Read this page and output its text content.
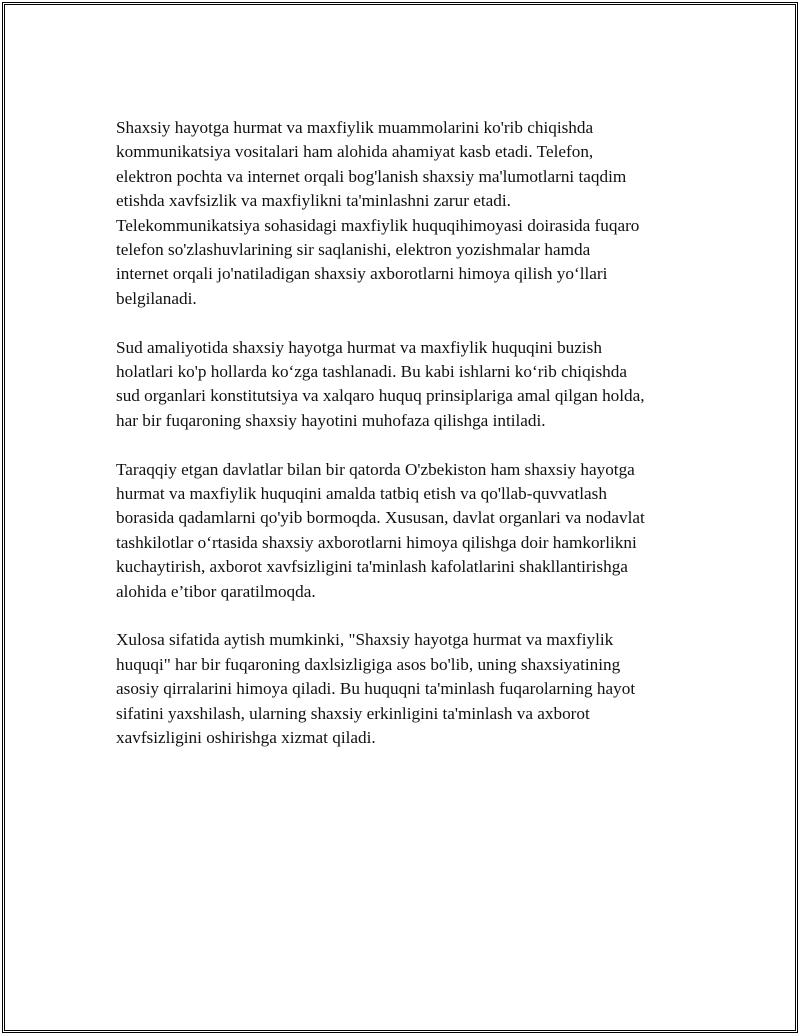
Shaxsiy hayotga hurmat va maxfiylik muammolarini ko'rib chiqishda
kommunikatsiya vositalari ham alohida ahamiyat kasb etadi. Telefon,
elektron pochta va internet orqali bog'lanish shaxsiy ma'lumotlarni taqdim
etishda xavfsizlik va maxfiylikni ta'minlashni zarur etadi.
Telekommunikatsiya sohasidagi maxfiylik huquqihimoyasi doirasida fuqaro
telefon so'zlashuvlarining sir saqlanishi, elektron yozishmalar hamda
internet orqali jo'natiladigan shaxsiy axborotlarni himoya qilish yo‘llari
belgilanadi.

Sud amaliyotida shaxsiy hayotga hurmat va maxfiylik huquqini buzish
holatlari ko'p hollarda ko‘zga tashlanadi. Bu kabi ishlarni ko‘rib chiqishda
sud organlari konstitutsiya va xalqaro huquq prinsiplariga amal qilgan holda,
har bir fuqaroning shaxsiy hayotini muhofaza qilishga intiladi.

Taraqqiy etgan davlatlar bilan bir qatorda O'zbekiston ham shaxsiy hayotga
hurmat va maxfiylik huquqini amalda tatbiq etish va qo'llab-quvvatlash
borasida qadamlarni qo'yib bormoqda. Xususan, davlat organlari va nodavlat
tashkilotlar o‘rtasida shaxsiy axborotlarni himoya qilishga doir hamkorlikni
kuchaytirish, axborot xavfsizligini ta'minlash kafolatlarini shakllantirishga
alohida e’tibor qaratilmoqda.

Xulosa sifatida aytish mumkinki, "Shaxsiy hayotga hurmat va maxfiylik
huquqi" har bir fuqaroning daxlsizligiga asos bo'lib, uning shaxsiyatining
asosiy qirralarini himoya qiladi. Bu huquqni ta'minlash fuqarolarning hayot
sifatini yaxshilash, ularning shaxsiy erkinligini ta'minlash va axborot
xavfsizligini oshirishga xizmat qiladi.
